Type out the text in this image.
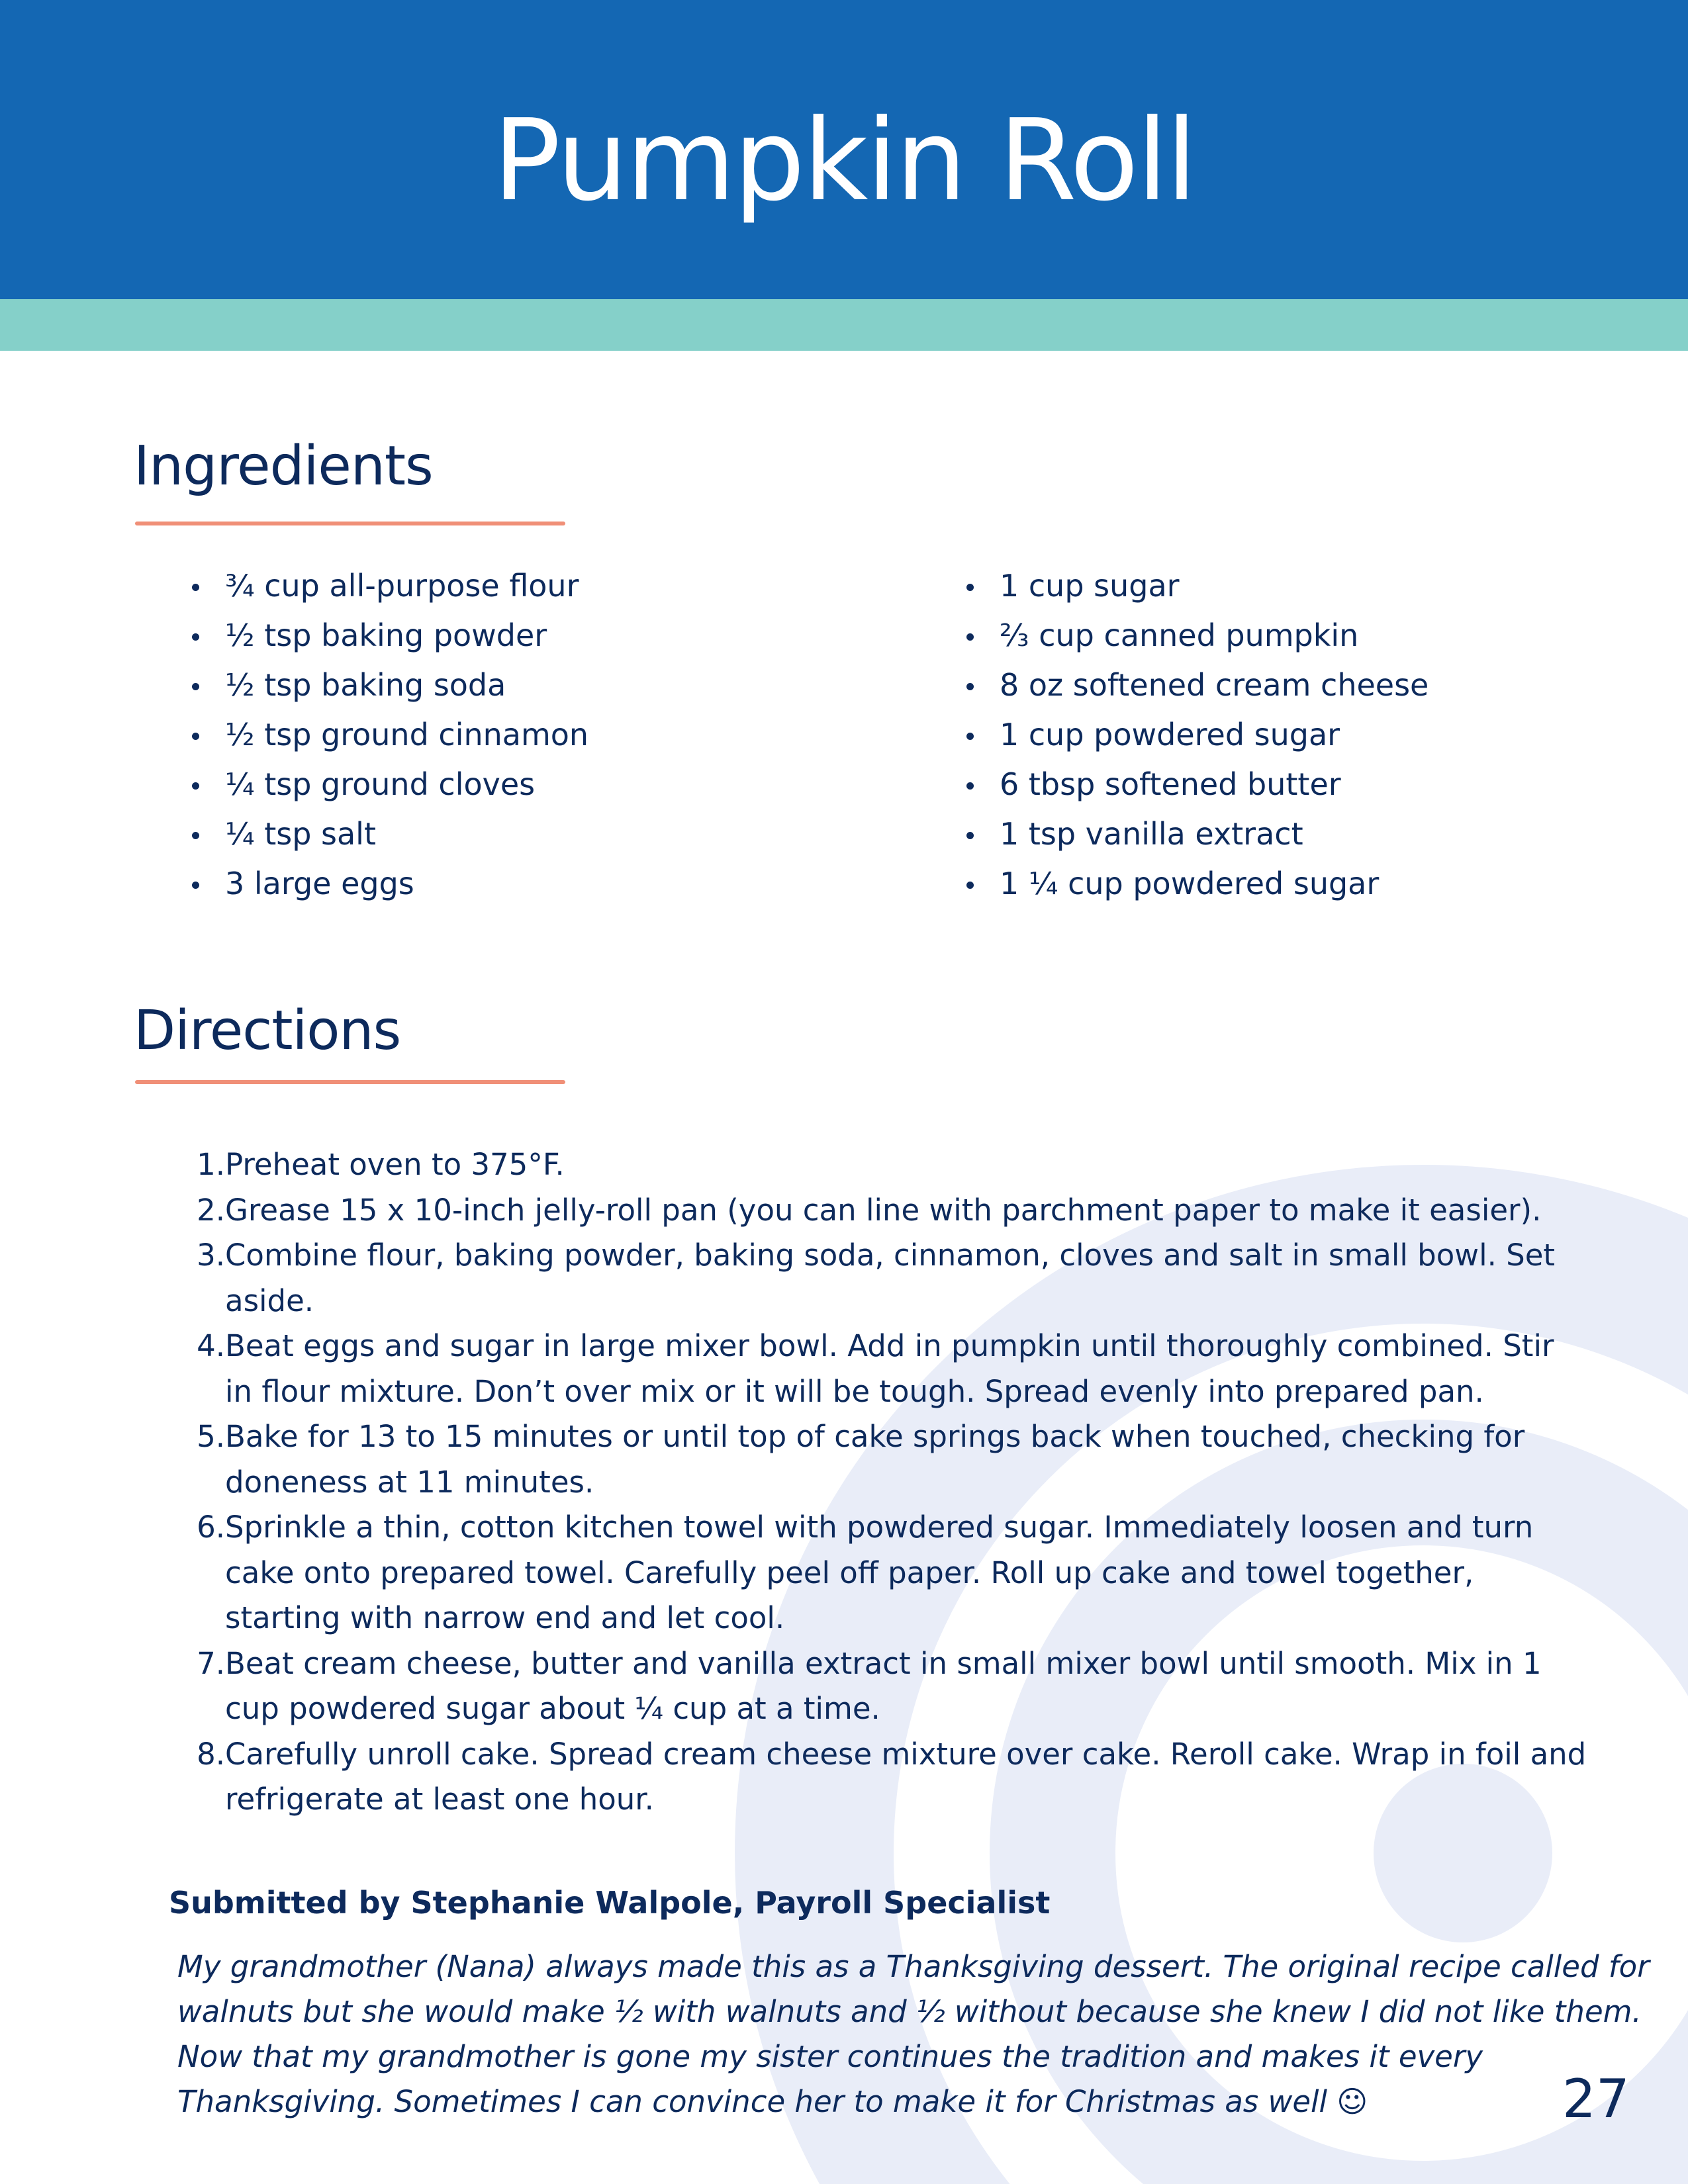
Pumpkin Roll
Ingredients
¾ cup all-purpose flour
½ tsp baking powder
½ tsp baking soda
½ tsp ground cinnamon
¼ tsp ground cloves
¼ tsp salt
3 large eggs
1 cup sugar
⅔ cup canned pumpkin
8 oz softened cream cheese
1 cup powdered sugar
6 tbsp softened butter
1 tsp vanilla extract
1 ¼ cup powdered sugar
Directions
1. Preheat oven to 375°F.
2. Grease 15 x 10-inch jelly-roll pan (you can line with parchment paper to make it easier).
3. Combine flour, baking powder, baking soda, cinnamon, cloves and salt in small bowl. Set aside.
4. Beat eggs and sugar in large mixer bowl. Add in pumpkin until thoroughly combined. Stir in flour mixture. Don’t over mix or it will be tough. Spread evenly into prepared pan.
5. Bake for 13 to 15 minutes or until top of cake springs back when touched, checking for doneness at 11 minutes.
6. Sprinkle a thin, cotton kitchen towel with powdered sugar. Immediately loosen and turn cake onto prepared towel. Carefully peel off paper. Roll up cake and towel together, starting with narrow end and let cool.
7. Beat cream cheese, butter and vanilla extract in small mixer bowl until smooth. Mix in 1 cup powdered sugar about ¼ cup at a time.
8. Carefully unroll cake. Spread cream cheese mixture over cake. Reroll cake. Wrap in foil and refrigerate at least one hour.
Submitted by Stephanie Walpole, Payroll Specialist
My grandmother (Nana) always made this as a Thanksgiving dessert. The original recipe called for
walnuts but she would make ½ with walnuts and ½ without because she knew I did not like them.
Now that my grandmother is gone my sister continues the tradition and makes it every
Thanksgiving. Sometimes I can convince her to make it for Christmas as well ☺	27
